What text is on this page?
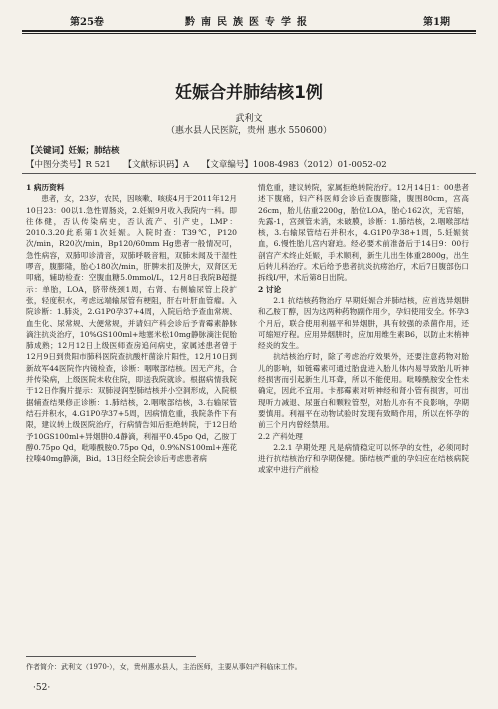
第25卷	黔南民族医专学报	第1期
妊娠合并肺结核1例
武利文
（惠水县人民医院，贵州 惠水 550600）
【关键词】妊娠；肺结核
【中图分类号】R 521 【文献标识码】A 【文章编号】1008-4983（2012）01-0052-02

1 病历资料

患者，女，23岁，农民，因咳嗽、咳痰4月于2011年12月10日23：00以1.急性胃肠炎，2.妊娠9月收入我院内一科。即往体健，否认传染病史，否认流产、引产史，LMP：2010.3.20此系第1次妊娠。入院时查：T39℃，P120次/min，R20次/min，Bp120/60mm Hg患者一般情况可，急性病容，双肺叩诊清音，双肺呼吸音粗，双肺未闻及干湿性啰音，腹膨隆，胎心180次/min，肝脾未扪及肿大，双肾区无叩痛，辅助检查：空腹血糖5.0mmol/L，12月8日我院B超提示：单胎，LOA，脐带绕颈1周，右肾、右侧输尿管上段扩张，轻度积水，考虑远端输尿管有梗阻，肝右叶肝血管瘤。入院诊断：1.肺炎，2.G1P0孕37+4周，入院后给予查血常规、血生化、尿常规、大便常规，并请妇产科会诊后予青霉素静脉滴注抗炎治疗，10%GS100ml+地塞米松10mg静脉滴注促胎肺成熟；12月12日上级医师查房追问病史，家属述患者曾于12月9日到贵阳市肺科医院查抗酸杆菌涂片阳性，12月10日到新故军44医院作内镜检查，诊断：咽喉部结核。因无产兆，合并传染病，上级医院未收住院，即送我院就诊。根据病情我院于12日作胸片提示：双肺浸润型肺结核并小空洞形成，入院根据辅查结果修正诊断：1.肺结核，2.咽喉部结核，3.右输尿管结石并积水，4.G1P0孕37+5周，因病情危重，我院条件下有限，建议转上级医院治疗，行病情告知后拒绝转院，于12日给予10GS100ml+异烟肼0.4静滴，利福平0.45po Qd，乙胺丁醇0.75po Qd，吡嗪酰胺0.75po Qd，0.9%NS100ml+莲花拉嗪40mg静滴，Bid。13日经全院会诊后考虑患者病

情危重，建议转院，家属拒绝转院治疗。12月14日1：00患者述下腹痛，妇产科医师会诊后查腹膨隆，腹围80cm，宫高26cm，胎儿估重2200g，胎位LOA，胎心162次，无宫缩，先露-1，宫颈管未消，未破膜，诊断：1.肺结核，2.咽喉部结核，3.右输尿管结石并积水，4.G1P0孕38+1周，5.妊娠贫血，6.慢性胎儿宫内窘迫。经必要术前准备后于14日9：00行剖宫产术终止妊娠，手术顺利，新生儿出生体重2800g，出生后转儿科治疗。术后给予患者抗炎抗痨治疗，术后7日腹部伤口拆线I/甲，术后第8日出院。

2 讨论

2.1 抗结核药物治疗 早期妊娠合并肺结核，应首选异烟肼和乙胺丁醇，因为这两种药物副作用少，孕妇使用安全。怀孕3个月后，联合使用利福平和异烟肼，具有较强的杀菌作用，还可缩短疗程。应用异烟肼时，应加用维生素B6，以防止末梢神经炎的发生。

抗结核治疗时，除了考虑治疗效果外，还要注意药物对胎儿的影响，如链霉素可通过胎盘进入胎儿体内易导致胎儿听神经损害而引起新生儿耳聋，所以不能使用。吡嗪酰胺安全性未确定，因此不宜用。卡那霉素对听神经和肾小管有损害，可出现听力减退、尿蛋白和颗粒管型，对胎儿亦有不良影响，孕期要慎用。利福平在动物试验时发现有致畸作用，所以在怀孕的前三个月内曾经禁用。

2.2 产科处理

2.2.1 孕期处理 凡是病情稳定可以怀孕的女性，必须同时进行抗结核治疗和孕期保健。肺结核严重的孕妇应在结核病院或家中进行产前检

作者简介：武利文（1970-），女，贵州惠水县人，主治医师，主要从事妇产科临床工作。
·52·
